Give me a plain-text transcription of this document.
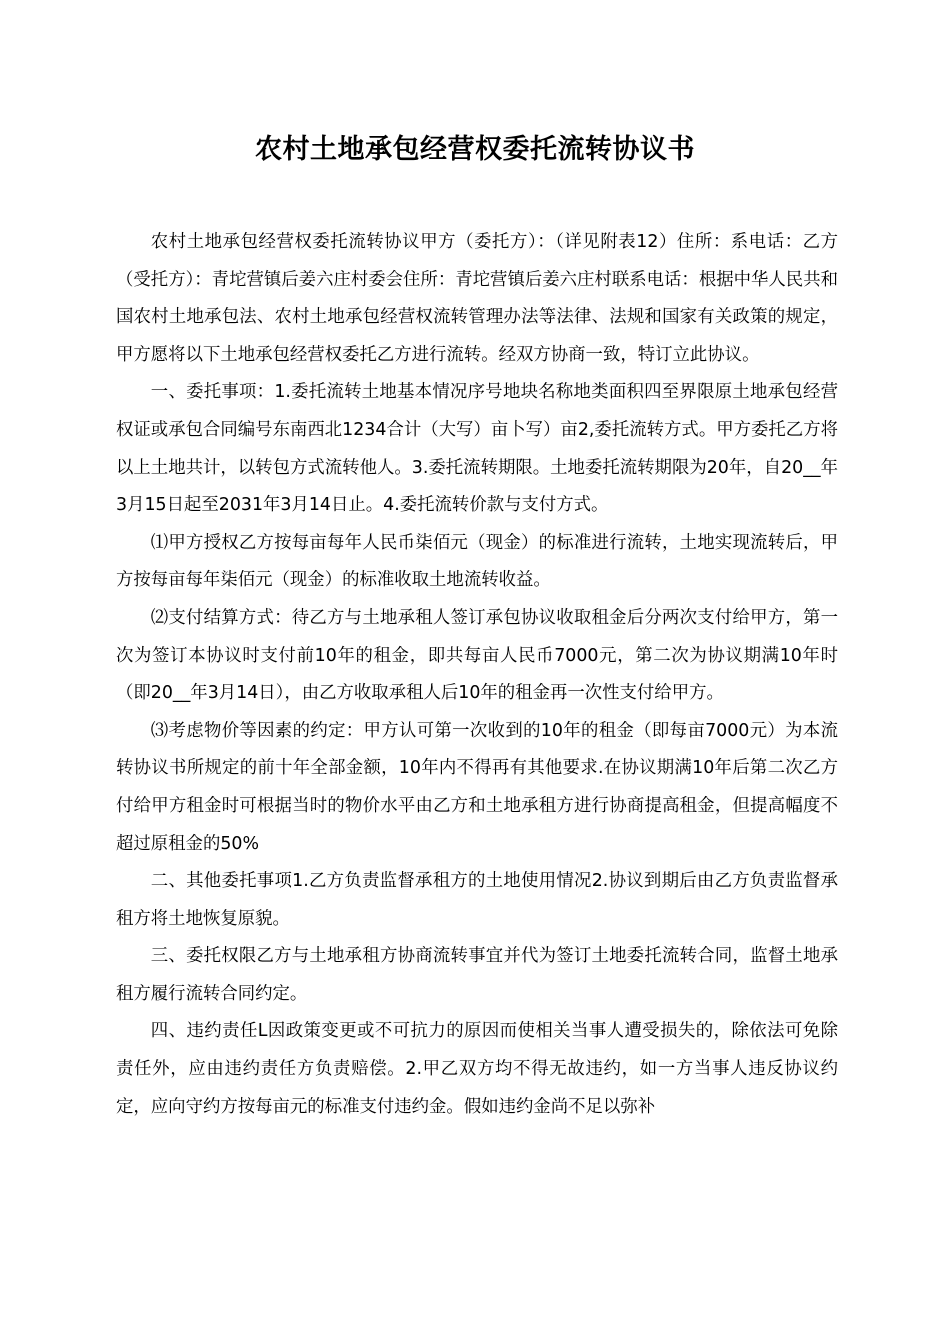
农村土地承包经营权委托流转协议书

农村土地承包经营权委托流转协议甲方（委托方）：（详见附表12）住所：系电话：乙方（受托方）：青坨营镇后姜六庄村委会住所：青坨营镇后姜六庄村联系电话：根据中华人民共和国农村土地承包法、农村土地承包经营权流转管理办法等法律、法规和国家有关政策的规定，甲方愿将以下土地承包经营权委托乙方进行流转。经双方协商一致，特订立此协议。

一、委托事项：1.委托流转土地基本情况序号地块名称地类面积四至界限原土地承包经营权证或承包合同编号东南西北1234合计（大写）亩卜写）亩2,委托流转方式。甲方委托乙方将以上土地共计，以转包方式流转他人。3.委托流转期限。土地委托流转期限为20年，自20__年3月15日起至2031年3月14日止。4.委托流转价款与支付方式。

⑴甲方授权乙方按每亩每年人民币柒佰元（现金）的标准进行流转，土地实现流转后，甲方按每亩每年柒佰元（现金）的标准收取土地流转收益。

⑵支付结算方式：待乙方与土地承租人签订承包协议收取租金后分两次支付给甲方，第一次为签订本协议时支付前10年的租金，即共每亩人民币7000元，第二次为协议期满10年时（即20__年3月14日），由乙方收取承租人后10年的租金再一次性支付给甲方。

⑶考虑物价等因素的约定：甲方认可第一次收到的10年的租金（即每亩7000元）为本流转协议书所规定的前十年全部金额，10年内不得再有其他要求.在协议期满10年后第二次乙方付给甲方租金时可根据当时的物价水平由乙方和土地承租方进行协商提高租金，但提高幅度不超过原租金的50%

二、其他委托事项1.乙方负责监督承租方的土地使用情况2.协议到期后由乙方负责监督承租方将土地恢复原貌。

三、委托权限乙方与土地承租方协商流转事宜并代为签订土地委托流转合同，监督土地承租方履行流转合同约定。

四、违约责任L因政策变更或不可抗力的原因而使相关当事人遭受损失的，除依法可免除责任外，应由违约责任方负责赔偿。2.甲乙双方均不得无故违约，如一方当事人违反协议约定，应向守约方按每亩元的标准支付违约金。假如违约金尚不足以弥补
